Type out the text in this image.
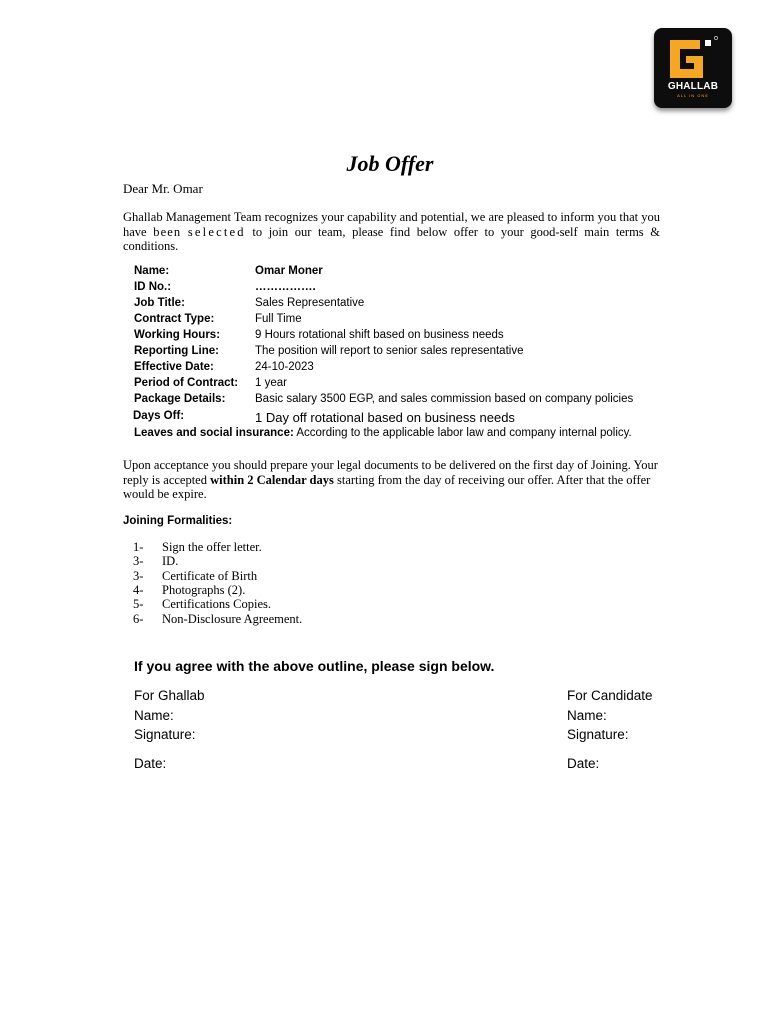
GHALLAB
ALL IN ONE
Job Offer
Dear Mr. Omar
Ghallab Management Team recognizes your capability and potential, we are pleased to inform you that you have been selected to join our team, please find below offer to your good-self main terms & conditions.
Name:	Omar Moner
ID No.:	…………….
Job Title:	Sales Representative
Contract Type:	Full Time
Working Hours:	9 Hours rotational shift based on business needs
Reporting Line:	The position will report to senior sales representative
Effective Date:	24-10-2023
Period of Contract: 1 year
Package Details:	Basic salary 3500 EGP, and sales commission based on company policies
Days Off:	1 Day off rotational based on business needs
Leaves and social insurance: According to the applicable labor law and company internal policy.
Upon acceptance you should prepare your legal documents to be delivered on the first day of Joining. Your reply is accepted within 2 Calendar days starting from the day of receiving our offer. After that the offer would be expire.
Joining Formalities:
1- Sign the offer letter.
3- ID.
3- Certificate of Birth
4- Photographs (2).
5- Certifications Copies.
6- Non-Disclosure Agreement.
If you agree with the above outline, please sign below.
For Ghallab
Name:
Signature:
Date:
For Candidate
Name:
Signature:
Date:
